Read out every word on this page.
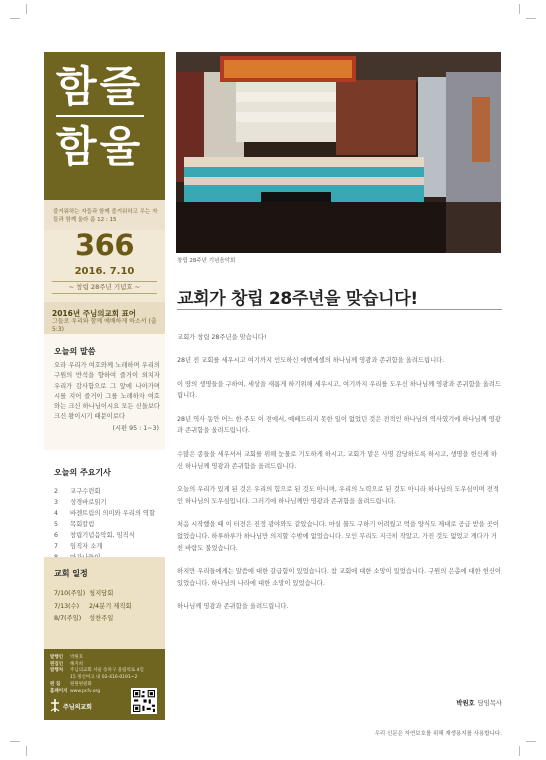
함즐
함울
즐거워하는 자들과 함께 즐거워하고 우는 자들과 함께 울라 롬 12 : 15
366
2016. 7.10
~ 창립 28주년 기념호 ~
2016년 주님의교회 표어
그들로 우리와 함께 예배하게 하소서 (출 5:3)
오늘의 말씀
오라 우리가 여호와께 노래하며 우리의 구원의 반석을 향하여 즐거이 외치자 우리가 감사함으로 그 앞에 나아가며 시를 지어 즐거이 그를 노래하자 여호와는 크신 하나님이시요 모든 신들보다 크신 왕이시기 때문이로다
(시편 95 : 1~3)
오늘의 주요기사
2 교구수련회
3 성경바로읽기
4 바젠트림의 의미와 우리의 역할
5 목회칼럼
6 창립기념음악회, 임직식
7 임직자 소개
교회 일정
7/10(주일) 청지담회
7/13(수) 2/4분기 제직회
8/7(주일) 성찬주일
발행인 박원호
편집인 해지희
발행처 주님의교회 서울 송파구 올림픽로 4길
15 정신여고 내 02-416-0191~2
편 집 원원편원화
홈페이지 www.pcfv.org
주님의교회
창립 28주년 기념음악회
교회가 창립 28주년을 맞습니다!

교회가 창립 28주년을 맞습니다!

28년 전 교회를 세우시고 여기까지 인도하신 에벤에셀의 하나님께 영광과 존귀함을 올려드립니다.

이 땅의 생명들을 구하여, 세상을 새롭게 하기위해 세우시고, 여기까지 우리를 도우신 하나님께 영광과 존귀함을 올려드립니다.

28년 역사 동안 어느 한 주도 이 전에서, 예배드리지 못한 일이 없었던 것은 전적인 하나님의 역사였기에 하나님께 영광과 존귀함을 올려드립니다.

수많은 종들을 세우셔서 교회를 위해 눈물로 기도하게 하시고, 교회가 맡은 사명 감당하도록 하시고, 생명을 헌신케 하신 하나님께 영광과 존귀함을 올려드립니다.

오늘의 우리가 있게 된 것은 우리의 힘으로 된 것도 아니며, 우리의 노력으로 된 것도 아니라 하나님의 도우심이며 전적인 하나님의 도우심입니다. 그러기에 하나님께만 영광과 존귀함을 올려드립니다.

처음 시작했을 때 이 터전은 진정 광야와도 같았습니다. 마실 물도 구하기 어려웠고 먹을 양식도 제대로 공급 받을 곳이 없었습니다. 하루하루가 하나님만 의지할 수밖에 없었습니다. 모인 무리도 지극히 작았고, 가진 것도 없었고 게다가 거친 바람도 불었습니다.

하지만 우리들에게는 말씀에 대한 갈급함이 있었습니다. 참 교회에 대한 소망이 있었습니다. 구원의 은총에 대한 헌신이 있었습니다. 하나님의 나라에 대한 소망이 있었습니다.

하나님께 영광과 존귀함을 올려드립니다.

박원호 담임목사
우리 신문은 자연보호를 위해 재생용지를 사용합니다.
